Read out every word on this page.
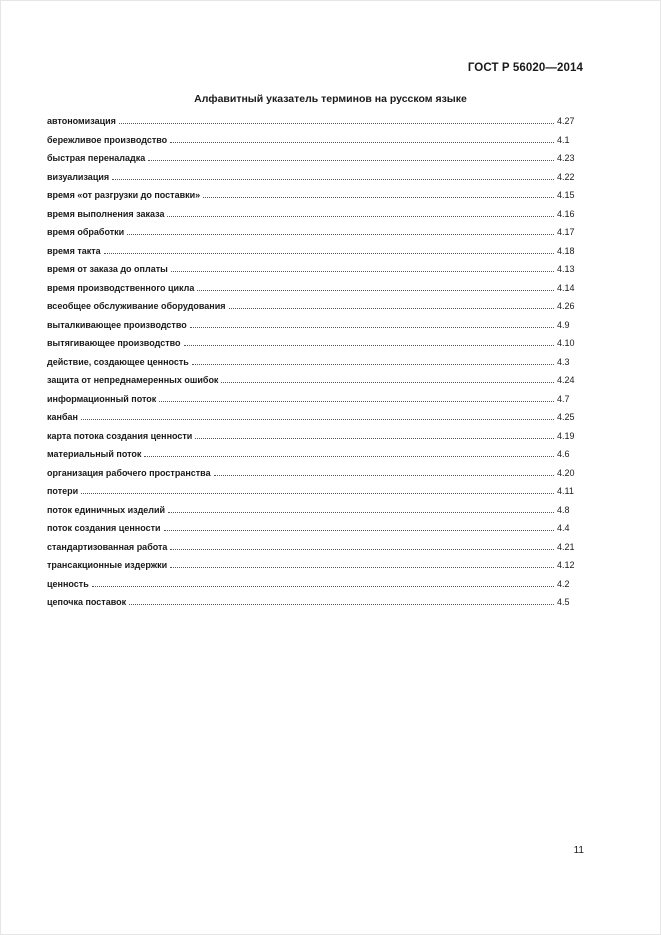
ГОСТ Р 56020—2014
Алфавитный указатель терминов на русском языке
автономизация	4.27
бережливое производство	4.1
быстрая переналадка	4.23
визуализация	4.22
время «от разгрузки до поставки»	4.15
время выполнения заказа	4.16
время обработки	4.17
время такта	4.18
время от заказа до оплаты	4.13
время производственного цикла	4.14
всеобщее обслуживание оборудования	4.26
выталкивающее производство	4.9
вытягивающее производство	4.10
действие, создающее ценность	4.3
защита от непреднамеренных ошибок	4.24
информационный поток	4.7
канбан	4.25
карта потока создания ценности	4.19
материальный поток	4.6
организация рабочего пространства	4.20
потери	4.11
поток единичных изделий	4.8
поток создания ценности	4.4
стандартизованная работа	4.21
трансакционные издержки	4.12
ценность	4.2
цепочка поставок	4.5
11
